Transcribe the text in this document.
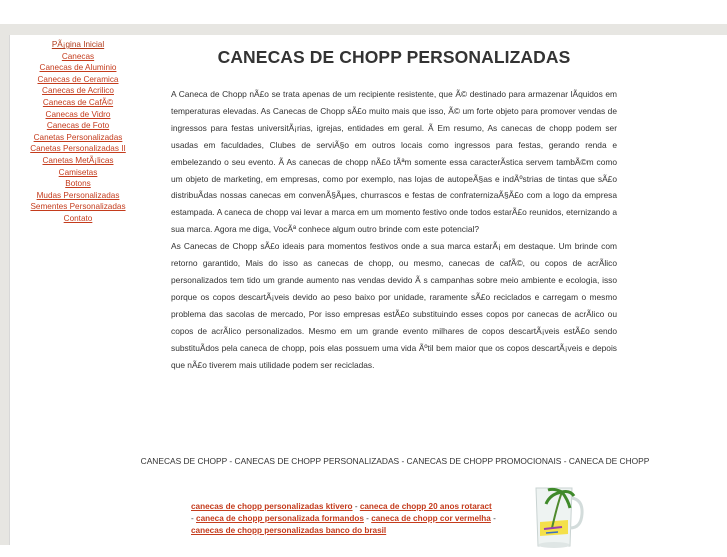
PÃ¡gina Inicial
Canecas
Canecas de Aluminio
Canecas de Ceramica
Canecas de Acrilico
Canecas de CafÃ©
Canecas de Vidro
Canecas de Foto
Canetas Personalizadas
Canetas Personalizadas II
Canetas MetÃ¡licas
Camisetas
Botons
Mudas Personalizadas
Sementes Personalizadas
Contato
CANECAS DE CHOPP PERSONALIZADAS

A Caneca de Chopp nÃ£o se trata apenas de um recipiente resistente, que Ã© destinado para armazenar lÃquidos em temperaturas elevadas. As Canecas de Chopp sÃ£o muito mais que isso, Ã© um forte objeto para promover vendas de ingressos para festas universitÃ¡rias, igrejas, entidades em geral. Ã Em resumo, As canecas de chopp podem ser usadas em faculdades, Clubes de serviÃ§o em outros locais como ingressos para festas, gerando renda e embelezando o seu evento. Ã As canecas de chopp nÃ£o tÃªm somente essa caracterÃstica servem tambÃ©m como um objeto de marketing, em empresas, como por exemplo, nas lojas de autopeÃ§as e indÃºstrias de tintas que sÃ£o distribuÃdas nossas canecas em convenÃ§Ãµes, churrascos e festas de confraternizaÃ§Ã£o com a logo da empresa estampada. A caneca de chopp vai levar a marca em um momento festivo onde todos estarÃ£o reunidos, eternizando a sua marca. Agora me diga, VocÃª conhece algum outro brinde com este potencial?

As Canecas de Chopp sÃ£o ideais para momentos festivos onde a sua marca estarÃ¡ em destaque. Um brinde com retorno garantido, Mais do isso as canecas de chopp, ou mesmo, canecas de cafÃ©, ou copos de acrÃlico personalizados tem tido um grande aumento nas vendas devido Ã s campanhas sobre meio ambiente e ecologia, isso porque os copos descartÃ¡veis devido ao peso baixo por unidade, raramente sÃ£o reciclados e carregam o mesmo problema das sacolas de mercado, Por isso empresas estÃ£o substituindo esses copos por canecas de acrÃlico ou copos de acrÃlico personalizados. Mesmo em um grande evento milhares de copos descartÃ¡veis estÃ£o sendo substituÃdos pela caneca de chopp, pois elas possuem uma vida Ãºtil bem maior que os copos descartÃ¡veis e depois que nÃ£o tiverem mais utilidade podem ser recicladas.

CANECAS DE CHOPP - CANECAS DE CHOPP PERSONALIZADAS - CANECAS DE CHOPP PROMOCIONAIS - CANECA DE CHOPP
canecas de chopp personalizadas ktivero - caneca de chopp 20 anos rotaract
- caneca de chopp personalizada formandos - caneca de chopp cor vermelha -
canecas de chopp personalizadas banco do brasil
